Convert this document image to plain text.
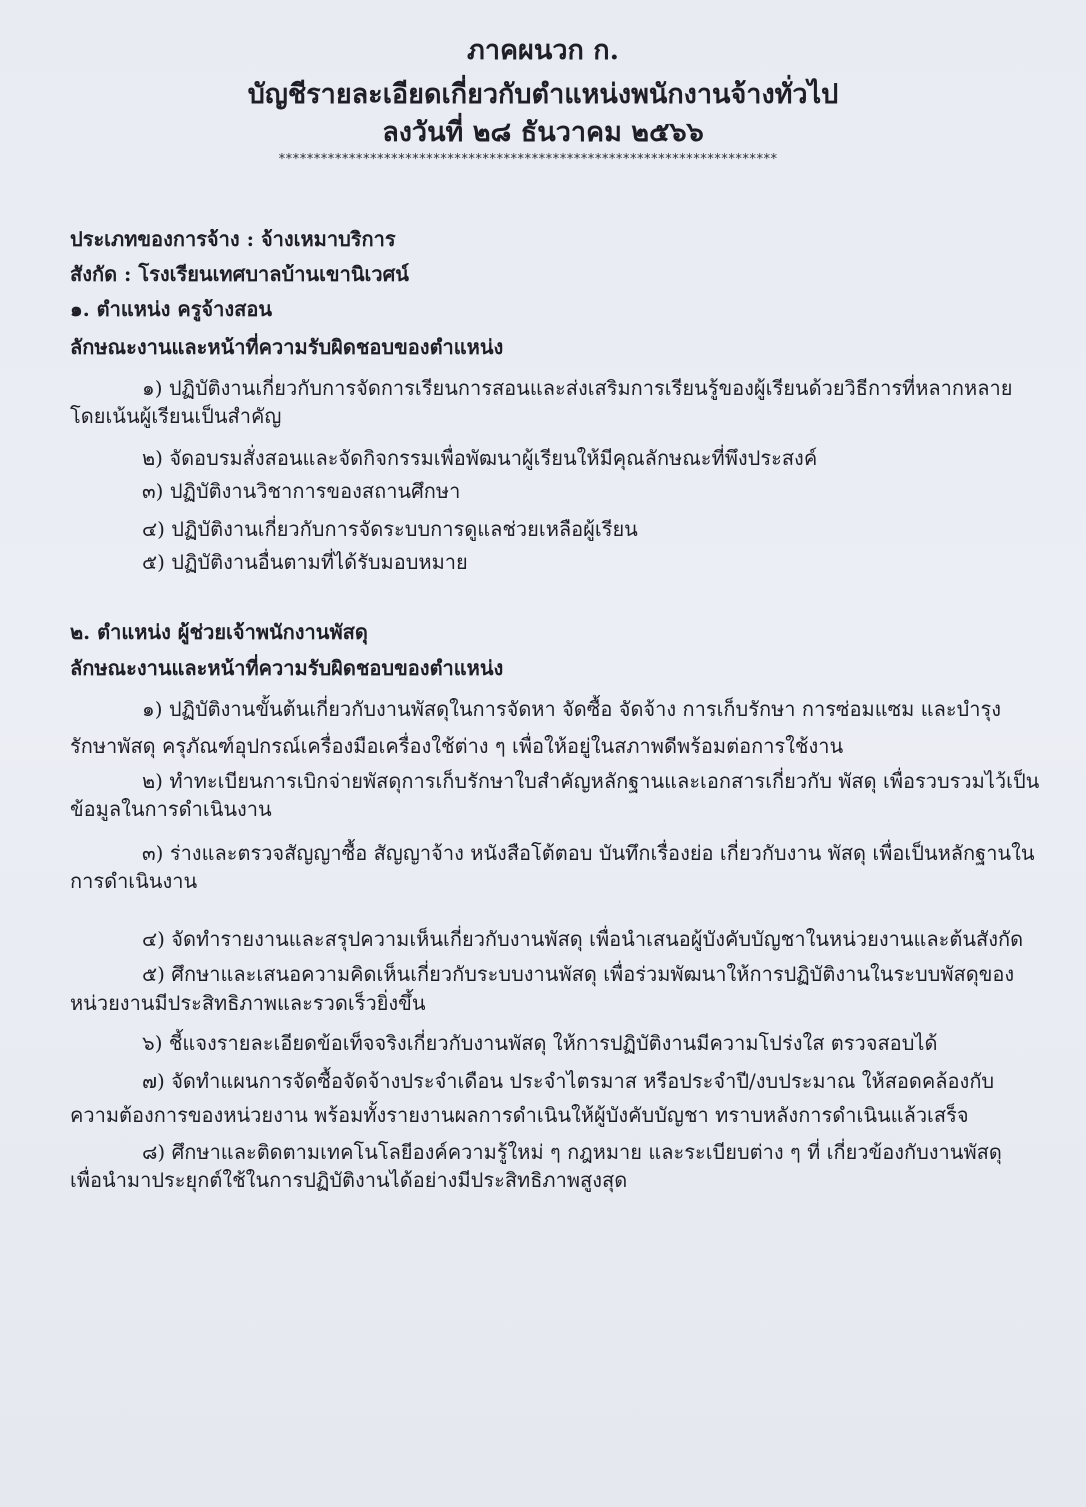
ภาคผนวก ก.
บัญชีรายละเอียดเกี่ยวกับตำแหน่งพนักงานจ้างทั่วไป
ลงวันที่ ๒๘ ธันวาคม ๒๕๖๖
***********************************************************************
ประเภทของการจ้าง : จ้างเหมาบริการ
สังกัด : โรงเรียนเทศบาลบ้านเขานิเวศน์
๑. ตำแหน่ง ครูจ้างสอน
ลักษณะงานและหน้าที่ความรับผิดชอบของตำแหน่ง
๑) ปฏิบัติงานเกี่ยวกับการจัดการเรียนการสอนและส่งเสริมการเรียนรู้ของผู้เรียนด้วยวิธีการที่หลากหลาย
โดยเน้นผู้เรียนเป็นสำคัญ
๒) จัดอบรมสั่งสอนและจัดกิจกรรมเพื่อพัฒนาผู้เรียนให้มีคุณลักษณะที่พึงประสงค์
๓) ปฏิบัติงานวิชาการของสถานศึกษา
๔) ปฏิบัติงานเกี่ยวกับการจัดระบบการดูแลช่วยเหลือผู้เรียน
๕) ปฏิบัติงานอื่นตามที่ได้รับมอบหมาย
๒. ตำแหน่ง ผู้ช่วยเจ้าพนักงานพัสดุ
ลักษณะงานและหน้าที่ความรับผิดชอบของตำแหน่ง
๑) ปฏิบัติงานขั้นต้นเกี่ยวกับงานพัสดุในการจัดหา จัดซื้อ จัดจ้าง การเก็บรักษา การซ่อมแซม และบำรุง
รักษาพัสดุ ครุภัณฑ์อุปกรณ์เครื่องมือเครื่องใช้ต่าง ๆ เพื่อให้อยู่ในสภาพดีพร้อมต่อการใช้งาน
๒) ทำทะเบียนการเบิกจ่ายพัสดุการเก็บรักษาใบสำคัญหลักฐานและเอกสารเกี่ยวกับ พัสดุ เพื่อรวบรวมไว้เป็น
ข้อมูลในการดำเนินงาน
๓) ร่างและตรวจสัญญาซื้อ สัญญาจ้าง หนังสือโต้ตอบ บันทึกเรื่องย่อ เกี่ยวกับงาน พัสดุ เพื่อเป็นหลักฐานใน
การดำเนินงาน
๔) จัดทำรายงานและสรุปความเห็นเกี่ยวกับงานพัสดุ เพื่อนำเสนอผู้บังคับบัญชาในหน่วยงานและต้นสังกัด
๕) ศึกษาและเสนอความคิดเห็นเกี่ยวกับระบบงานพัสดุ เพื่อร่วมพัฒนาให้การปฏิบัติงานในระบบพัสดุของ
หน่วยงานมีประสิทธิภาพและรวดเร็วยิ่งขึ้น
๖) ชี้แจงรายละเอียดข้อเท็จจริงเกี่ยวกับงานพัสดุ ให้การปฏิบัติงานมีความโปร่งใส ตรวจสอบได้
๗) จัดทำแผนการจัดซื้อจัดจ้างประจำเดือน ประจำไตรมาส หรือประจำปี/งบประมาณ ให้สอดคล้องกับ
ความต้องการของหน่วยงาน พร้อมทั้งรายงานผลการดำเนินให้ผู้บังคับบัญชา ทราบหลังการดำเนินแล้วเสร็จ
๘) ศึกษาและติดตามเทคโนโลยีองค์ความรู้ใหม่ ๆ กฎหมาย และระเบียบต่าง ๆ ที่ เกี่ยวข้องกับงานพัสดุ
เพื่อนำมาประยุกต์ใช้ในการปฏิบัติงานได้อย่างมีประสิทธิภาพสูงสุด
